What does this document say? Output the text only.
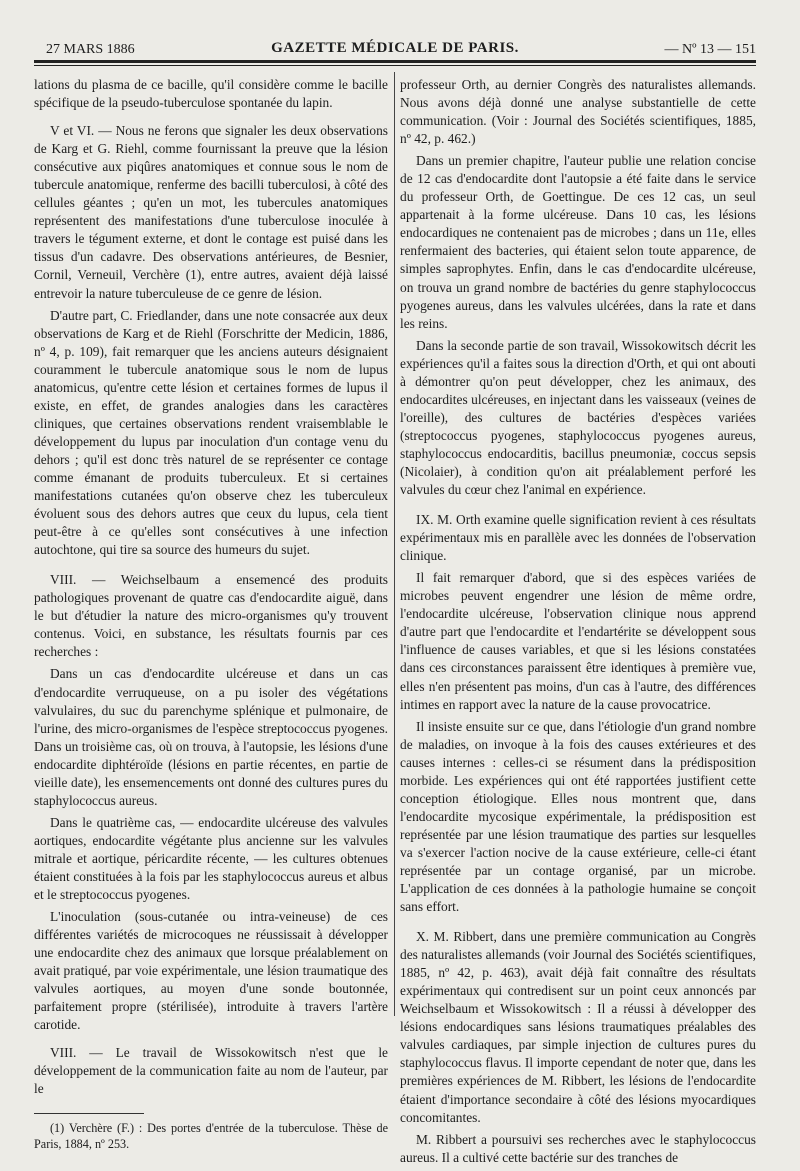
27 MARS 1886	GAZETTE MÉDICALE DE PARIS.	— Nº 13 — 151

lations du plasma de ce bacille, qu'il considère comme le bacille spécifique de la pseudo-tuberculose spontanée du lapin.

V et VI. — Nous ne ferons que signaler les deux observations de Karg et G. Riehl, comme fournissant la preuve que la lésion consécutive aux piqûres anatomiques et connue sous le nom de tubercule anatomique, renferme des bacilli tuberculosi, à côté des cellules géantes ; qu'en un mot, les tubercules anatomiques représentent des manifestations d'une tuberculose inoculée à travers le tégument externe, et dont le contage est puisé dans les tissus d'un cadavre. Des observations antérieures, de Besnier, Cornil, Verneuil, Verchère (1), entre autres, avaient déjà laissé entrevoir la nature tuberculeuse de ce genre de lésion.

D'autre part, C. Friedlander, dans une note consacrée aux deux observations de Karg et de Riehl (Forschritte der Medicin, 1886, nº 4, p. 109), fait remarquer que les anciens auteurs désignaient couramment le tubercule anatomique sous le nom de lupus anatomicus, qu'entre cette lésion et certaines formes de lupus il existe, en effet, de grandes analogies dans les caractères cliniques, que certaines observations rendent vraisemblable le développement du lupus par inoculation d'un contage venu du dehors ; qu'il est donc très naturel de se représenter ce contage comme émanant de produits tuberculeux. Et si certaines manifestations cutanées qu'on observe chez les tuberculeux évoluent sous des dehors autres que ceux du lupus, cela tient peut-être à ce qu'elles sont consécutives à une infection autochtone, qui tire sa source des humeurs du sujet.

VIII. — Weichselbaum a ensemencé des produits pathologiques provenant de quatre cas d'endocardite aiguë, dans le but d'étudier la nature des micro-organismes qu'y trouvent contenus. Voici, en substance, les résultats fournis par ces recherches :

Dans un cas d'endocardite ulcéreuse et dans un cas d'endocardite verruqueuse, on a pu isoler des végétations valvulaires, du suc du parenchyme splénique et pulmonaire, de l'urine, des micro-organismes de l'espèce streptococcus pyogenes. Dans un troisième cas, où on trouva, à l'autopsie, les lésions d'une endocardite diphtéroïde (lésions en partie récentes, en partie de vieille date), les ensemencements ont donné des cultures pures du staphylococcus aureus.

Dans le quatrième cas, — endocardite ulcéreuse des valvules aortiques, endocardite végétante plus ancienne sur les valvules mitrale et aortique, péricardite récente, — les cultures obtenues étaient constituées à la fois par les staphylococcus aureus et albus et le streptococcus pyogenes.

L'inoculation (sous-cutanée ou intra-veineuse) de ces différentes variétés de microcoques ne réussissait à développer une endocardite chez des animaux que lorsque préalablement on avait pratiqué, par voie expérimentale, une lésion traumatique des valvules aortiques, au moyen d'une sonde boutonnée, parfaitement propre (stérilisée), introduite à travers l'artère carotide.

VIII. — Le travail de Wissokowitsch n'est que le développement de la communication faite au nom de l'auteur, par le

(1) Verchère (F.) : Des portes d'entrée de la tuberculose. Thèse de Paris, 1884, nº 253.

professeur Orth, au dernier Congrès des naturalistes allemands. Nous avons déjà donné une analyse substantielle de cette communication. (Voir : Journal des Sociétés scientifiques, 1885, nº 42, p. 462.)

Dans un premier chapitre, l'auteur publie une relation concise de 12 cas d'endocardite dont l'autopsie a été faite dans le service du professeur Orth, de Goettingue. De ces 12 cas, un seul appartenait à la forme ulcéreuse. Dans 10 cas, les lésions endocardiques ne contenaient pas de microbes ; dans un 11e, elles renfermaient des bacteries, qui étaient selon toute apparence, de simples saprophytes. Enfin, dans le cas d'endocardite ulcéreuse, on trouva un grand nombre de bactéries du genre staphylococcus pyogenes aureus, dans les valvules ulcérées, dans la rate et dans les reins.

Dans la seconde partie de son travail, Wissokowitsch décrit les expériences qu'il a faites sous la direction d'Orth, et qui ont abouti à démontrer qu'on peut développer, chez les animaux, des endocardites ulcéreuses, en injectant dans les vaisseaux (veines de l'oreille), des cultures de bactéries d'espèces variées (streptococcus pyogenes, staphylococcus pyogenes aureus, staphylococcus endocarditis, bacillus pneumoniæ, coccus sepsis (Nicolaier), à condition qu'on ait préalablement perforé les valvules du cœur chez l'animal en expérience.

IX. M. Orth examine quelle signification revient à ces résultats expérimentaux mis en parallèle avec les données de l'observation clinique.

Il fait remarquer d'abord, que si des espèces variées de microbes peuvent engendrer une lésion de même ordre, l'endocardite ulcéreuse, l'observation clinique nous apprend d'autre part que l'endocardite et l'endartérite se développent sous l'influence de causes variables, et que si les lésions constatées dans ces circonstances paraissent être identiques à première vue, elles n'en présentent pas moins, d'un cas à l'autre, des différences intimes en rapport avec la nature de la cause provocatrice.

Il insiste ensuite sur ce que, dans l'étiologie d'un grand nombre de maladies, on invoque à la fois des causes extérieures et des causes internes : celles-ci se résument dans la prédisposition morbide. Les expériences qui ont été rapportées justifient cette conception étiologique. Elles nous montrent que, dans l'endocardite mycosique expérimentale, la prédisposition est représentée par une lésion traumatique des parties sur lesquelles va s'exercer l'action nocive de la cause extérieure, celle-ci étant représentée par un contage organisé, par un microbe. L'application de ces données à la pathologie humaine se conçoit sans effort.

X. M. Ribbert, dans une première communication au Congrès des naturalistes allemands (voir Journal des Sociétés scientifiques, 1885, nº 42, p. 463), avait déjà fait connaître des résultats expérimentaux qui contredisent sur un point ceux annoncés par Weichselbaum et Wissokowitsch : Il a réussi à développer des lésions endocardiques sans lésions traumatiques préalables des valvules cardiaques, par simple injection de cultures pures du staphylococcus flavus. Il importe cependant de noter que, dans les premières expériences de M. Ribbert, les lésions de l'endocardite étaient d'importance secondaire à côté des lésions myocardiques concomitantes.

M. Ribbert a poursuivi ses recherches avec le staphylococcus aureus. Il a cultivé cette bactérie sur des tranches de
